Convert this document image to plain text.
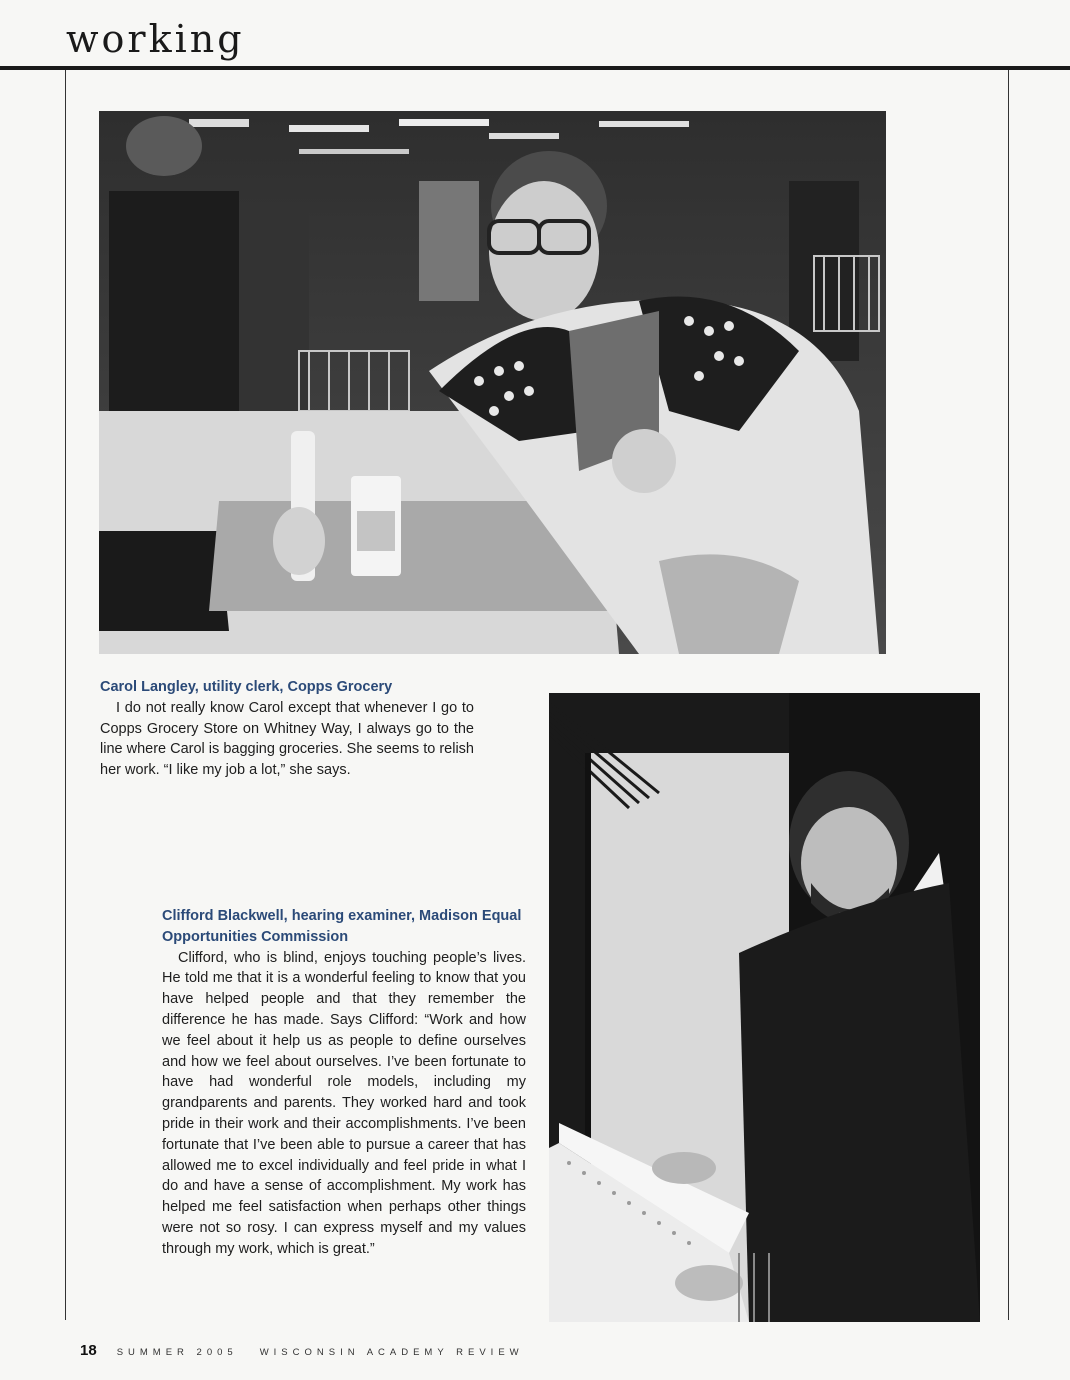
working

Carol Langley, utility clerk, Copps Grocery

I do not really know Carol except that whenever I go to Copps Grocery Store on Whitney Way, I always go to the line where Carol is bagging groceries. She seems to relish her work. “I like my job a lot,” she says.

Clifford Blackwell, hearing examiner, Madison Equal Opportunities Commission

Clifford, who is blind, enjoys touching people’s lives. He told me that it is a wonderful feeling to know that you have helped people and that they remember the difference he has made. Says Clifford: “Work and how we feel about it help us as people to define ourselves and how we feel about ourselves. I’ve been fortunate to have had wonderful role models, including my grandparents and parents. They worked hard and took pride in their work and their accomplishments. I’ve been fortunate that I’ve been able to pursue a career that has allowed me to excel individually and feel pride in what I do and have a sense of accomplishment. My work has helped me feel satisfaction when perhaps other things were not so rosy. I can express myself and my values through my work, which is great.”

18 SUMMER 2005 WISCONSIN ACADEMY REVIEW
